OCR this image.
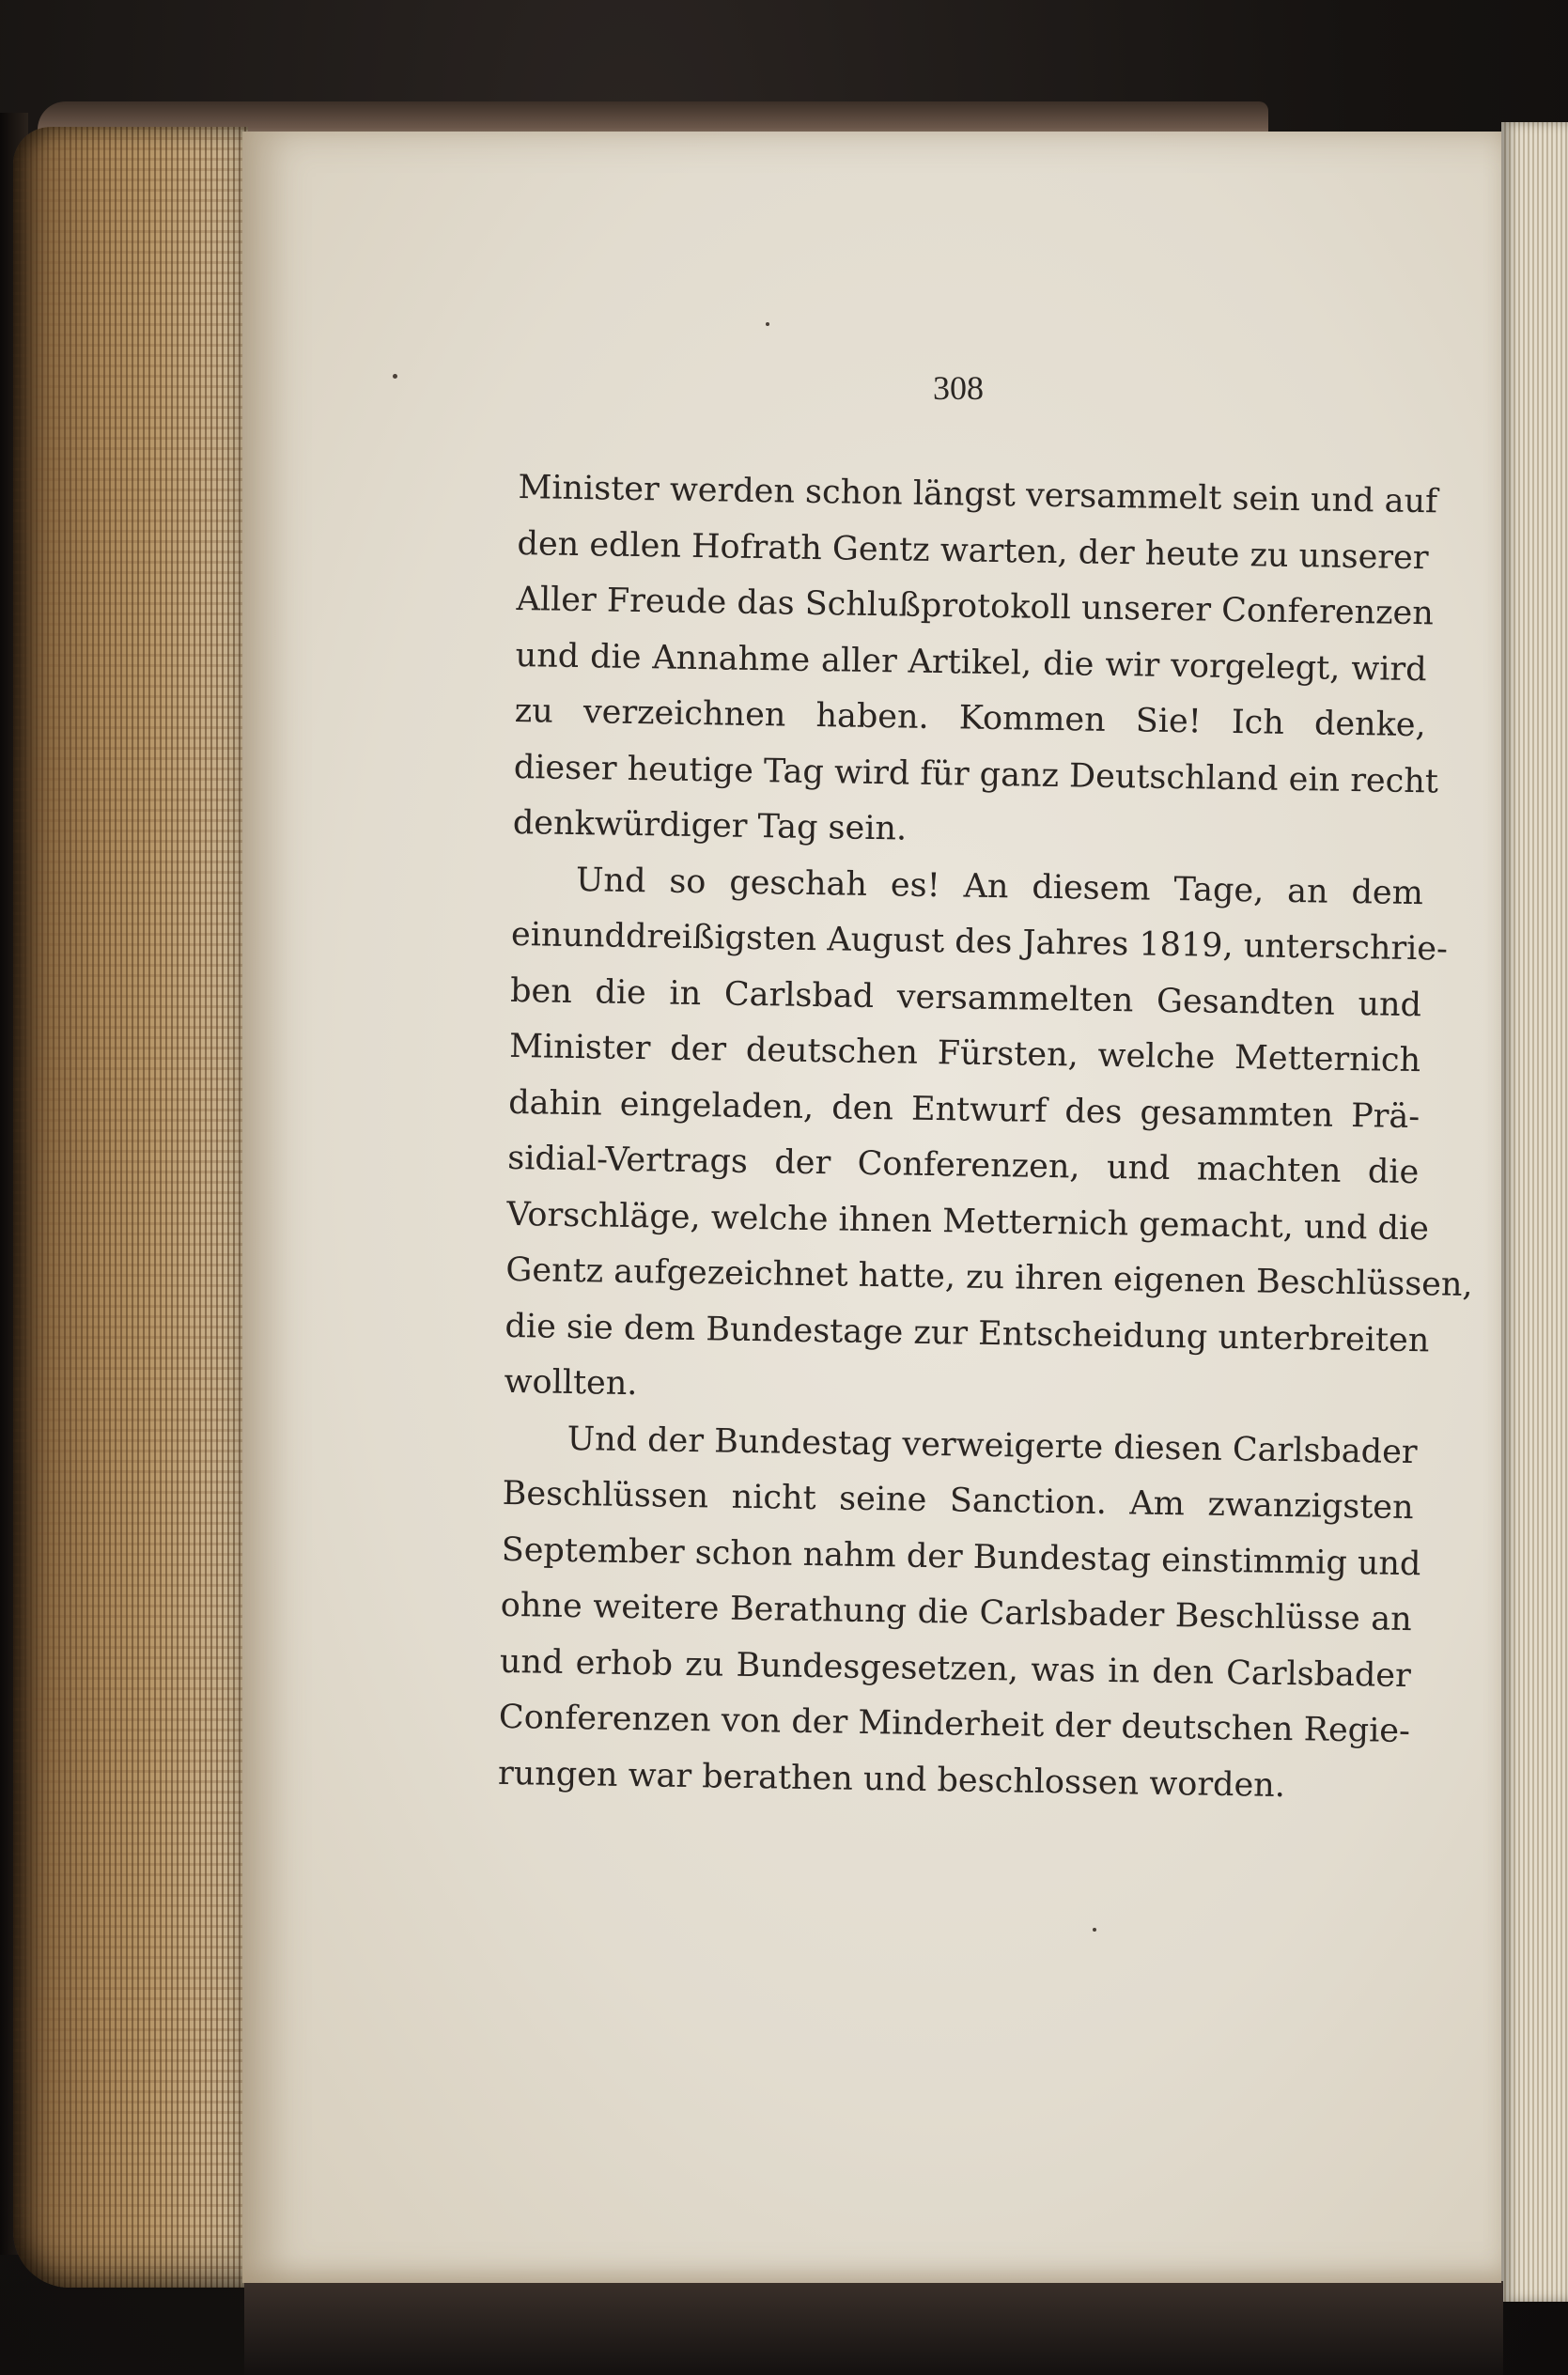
308

Minister werden schon längst versammelt sein und auf
den edlen Hofrath Gentz warten, der heute zu unserer
Aller Freude das Schlußprotokoll unserer Conferenzen
und die Annahme aller Artikel, die wir vorgelegt, wird
zu verzeichnen haben. Kommen Sie! Ich denke,
dieser heutige Tag wird für ganz Deutschland ein recht
denkwürdiger Tag sein.

Und so geschah es! An diesem Tage, an dem
einunddreißigsten August des Jahres 1819, unterschrie-
ben die in Carlsbad versammelten Gesandten und
Minister der deutschen Fürsten, welche Metternich
dahin eingeladen, den Entwurf des gesammten Prä-
sidial-Vertrags der Conferenzen, und machten die
Vorschläge, welche ihnen Metternich gemacht, und die
Gentz aufgezeichnet hatte, zu ihren eigenen Beschlüssen,
die sie dem Bundestage zur Entscheidung unterbreiten
wollten.

Und der Bundestag verweigerte diesen Carlsbader
Beschlüssen nicht seine Sanction. Am zwanzigsten
September schon nahm der Bundestag einstimmig und
ohne weitere Berathung die Carlsbader Beschlüsse an
und erhob zu Bundesgesetzen, was in den Carlsbader
Conferenzen von der Minderheit der deutschen Regie-
rungen war berathen und beschlossen worden.
